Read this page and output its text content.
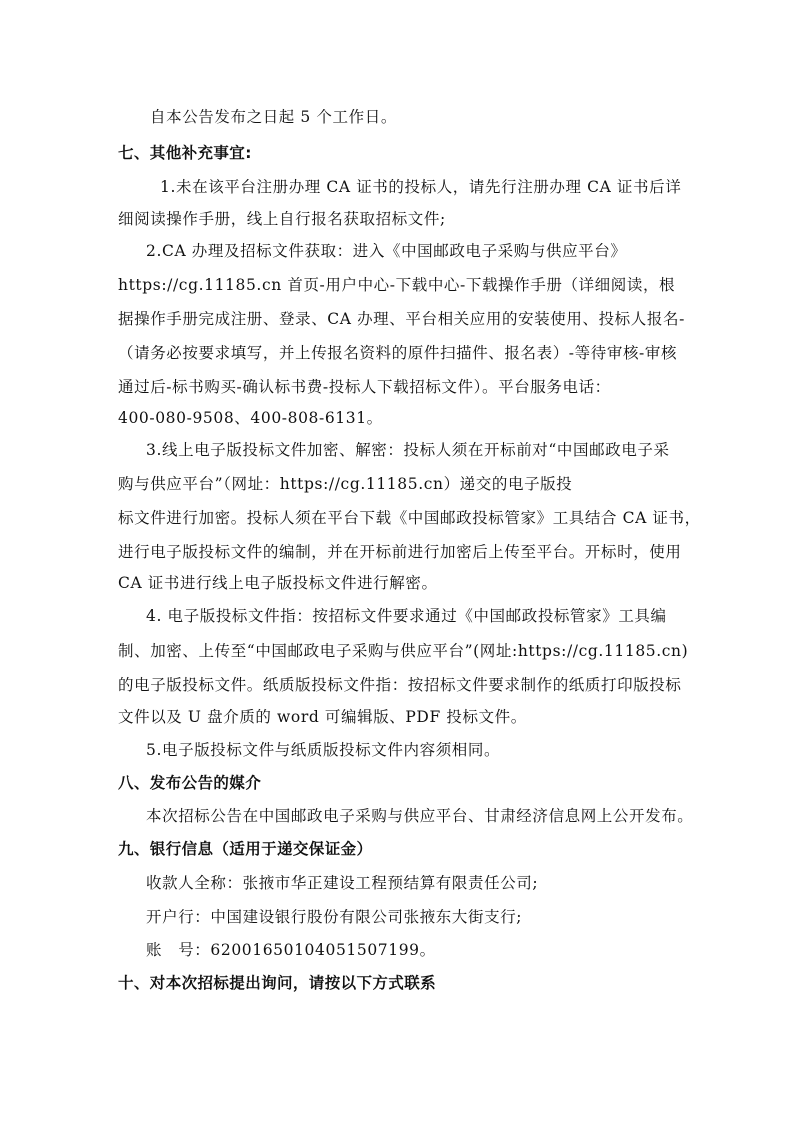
自本公告发布之日起 5 个工作日。
七、其他补充事宜:
1.未在该平台注册办理 CA 证书的投标人，请先行注册办理 CA 证书后详
细阅读操作手册，线上自行报名获取招标文件;
2.CA 办理及招标文件获取：进入《中国邮政电子采购与供应平台》
https://cg.11185.cn 首页-用户中心-下载中心-下载操作手册（详细阅读，根
据操作手册完成注册、登录、CA 办理、平台相关应用的安装使用、投标人报名-
（请务必按要求填写，并上传报名资料的原件扫描件、报名表）-等待审核-审核
通过后-标书购买-确认标书费-投标人下载招标文件）。平台服务电话：
400-080-9508、400-808-6131。
3.线上电子版投标文件加密、解密：投标人须在开标前对“中国邮政电子采
购与供应平台”（网址：https://cg.11185.cn）递交的电子版投
标文件进行加密。投标人须在平台下载《中国邮政投标管家》工具结合 CA 证书，
进行电子版投标文件的编制，并在开标前进行加密后上传至平台。开标时，使用
CA 证书进行线上电子版投标文件进行解密。
4. 电子版投标文件指：按招标文件要求通过《中国邮政投标管家》工具编
制、加密、上传至“中国邮政电子采购与供应平台”(网址:https://cg.11185.cn)
的电子版投标文件。纸质版投标文件指：按招标文件要求制作的纸质打印版投标
文件以及 U 盘介质的 word 可编辑版、PDF 投标文件。
5.电子版投标文件与纸质版投标文件内容须相同。
八、发布公告的媒介
本次招标公告在中国邮政电子采购与供应平台、甘肃经济信息网上公开发布。
九、银行信息（适用于递交保证金）
收款人全称：张掖市华正建设工程预结算有限责任公司;
开户行：中国建设银行股份有限公司张掖东大街支行;
账　号：62001650104051507199。
十、对本次招标提出询问，请按以下方式联系
